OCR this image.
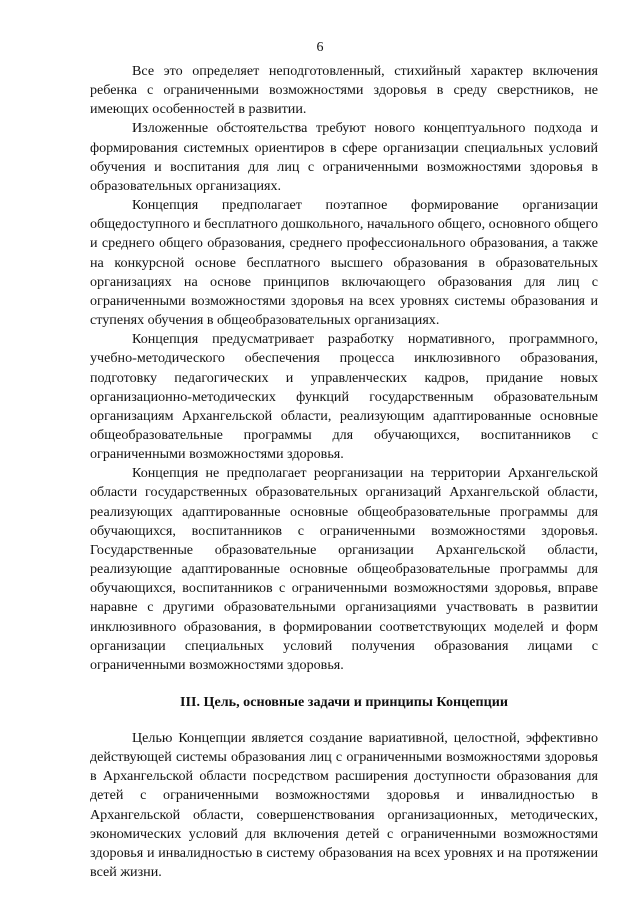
6

Все это определяет неподготовленный, стихийный характер включения ребенка с ограниченными возможностями здоровья в среду сверстников, не имеющих особенностей в развитии.

Изложенные обстоятельства требуют нового концептуального подхода и формирования системных ориентиров в сфере организации специальных условий обучения и воспитания для лиц с ограниченными возможностями здоровья в образовательных организациях.

Концепция предполагает поэтапное формирование организации общедоступного и бесплатного дошкольного, начального общего, основного общего и среднего общего образования, среднего профессионального образования, а также на конкурсной основе бесплатного высшего образования в образовательных организациях на основе принципов включающего образования для лиц с ограниченными возможностями здоровья на всех уровнях системы образования и ступенях обучения в общеобразовательных организациях.

Концепция предусматривает разработку нормативного, программного, учебно-методического обеспечения процесса инклюзивного образования, подготовку педагогических и управленческих кадров, придание новых организационно-методических функций государственным образовательным организациям Архангельской области, реализующим адаптированные основные общеобразовательные программы для обучающихся, воспитанников с ограниченными возможностями здоровья.

Концепция не предполагает реорганизации на территории Архангельской области государственных образовательных организаций Архангельской области, реализующих адаптированные основные общеобразовательные программы для обучающихся, воспитанников с ограниченными возможностями здоровья. Государственные образовательные организации Архангельской области, реализующие адаптированные основные общеобразовательные программы для обучающихся, воспитанников с ограниченными возможностями здоровья, вправе наравне с другими образовательными организациями участвовать в развитии инклюзивного образования, в формировании соответствующих моделей и форм организации специальных условий получения образования лицами с ограниченными возможностями здоровья.

III. Цель, основные задачи и принципы Концепции

Целью Концепции является создание вариативной, целостной, эффективно действующей системы образования лиц с ограниченными возможностями здоровья в Архангельской области посредством расширения доступности образования для детей с ограниченными возможностями здоровья и инвалидностью в Архангельской области, совершенствования организационных, методических, экономических условий для включения детей с ограниченными возможностями здоровья и инвалидностью в систему образования на всех уровнях и на протяжении всей жизни.
